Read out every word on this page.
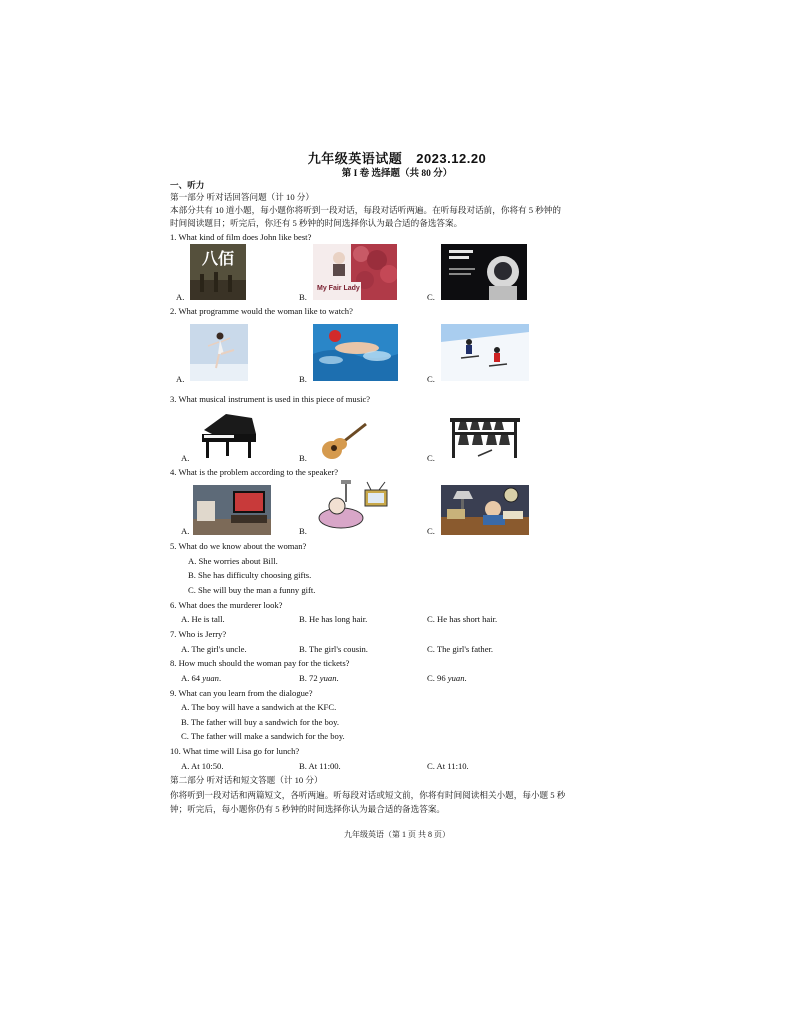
九年级英语试题 2023.12.20
第 I 卷 选择题（共 80 分）
一、听力
第一部分 听对话回答问题（计 10 分）
本部分共有 10 道小题，每小题你将听到一段对话，每段对话听两遍。在听每段对话前，你将有 5 秒钟的
时间阅读题目；听完后，你还有 5 秒钟的时间选择你认为最合适的备选答案。
1. What kind of film does John like best?
A.	B.	C.
八佰
My Fair Lady
2. What programme would the woman like to watch?
A.	B.	C.
3. What musical instrument is used in this piece of music?
A.	B.	C.
4. What is the problem according to the speaker?
A.	B.	C.
5. What do we know about the woman?
A. She worries about Bill.
B. She has difficulty choosing gifts.
C. She will buy the man a funny gift.
6. What does the murderer look?
A. He is tall.	B. He has long hair.	C. He has short hair.
7. Who is Jerry?
A. The girl's uncle.	B. The girl's cousin.	C. The girl's father.
8. How much should the woman pay for the tickets?
A. 64 yuan.	B. 72 yuan.	C. 96 yuan.
9. What can you learn from the dialogue?
A. The boy will have a sandwich at the KFC.
B. The father will buy a sandwich for the boy.
C. The father will make a sandwich for the boy.
10. What time will Lisa go for lunch?
A. At 10:50.	B. At 11:00.	C. At 11:10.
第二部分 听对话和短文答题（计 10 分）
你将听到一段对话和两篇短文，各听两遍。听每段对话或短文前，你将有时间阅读相关小题，每小题 5 秒
钟；听完后，每小题你仍有 5 秒钟的时间选择你认为最合适的备选答案。
九年级英语（第 1 页 共 8 页）
